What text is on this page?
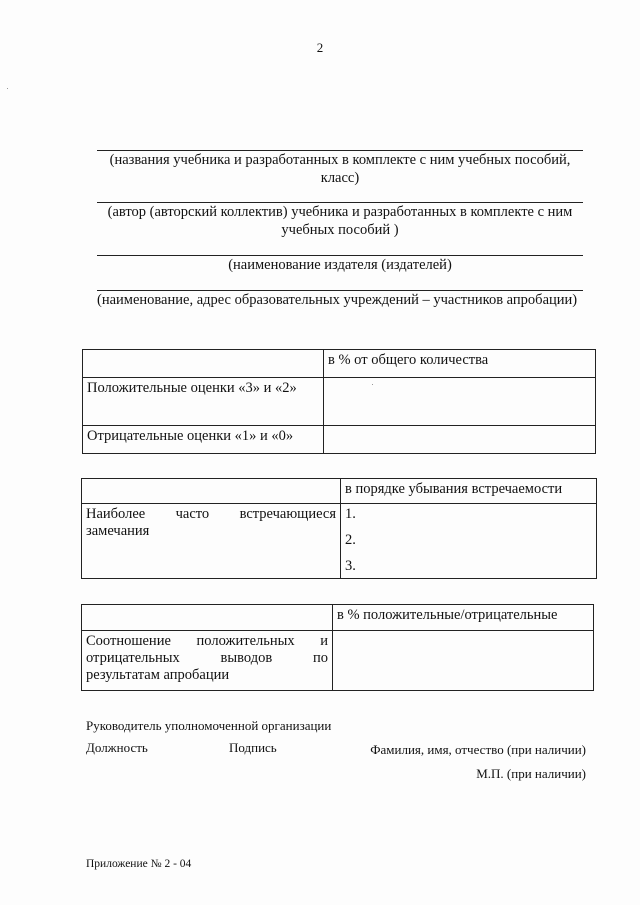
2
(названия учебника и разработанных в комплекте с ним учебных пособий, класс)
(автор (авторский коллектив) учебника и разработанных в комплекте с ним учебных пособий )
(наименование издателя (издателей)
(наименование, адрес образовательных учреждений – участников апробации)
	в % от общего количества
Положительные оценки «3» и «2»	
Отрицательные оценки «1» и «0»	
	в порядке убывания встречаемости
Наиболее часто встречающиеся замечания	1.
2.
3.
	в % положительные/отрицательные
Соотношение положительных и отрицательных выводов по результатам апробации	
Руководитель уполномоченной организации
Должность	Подпись	Фамилия, имя, отчество (при наличии)
М.П. (при наличии)
Приложение № 2 - 04
